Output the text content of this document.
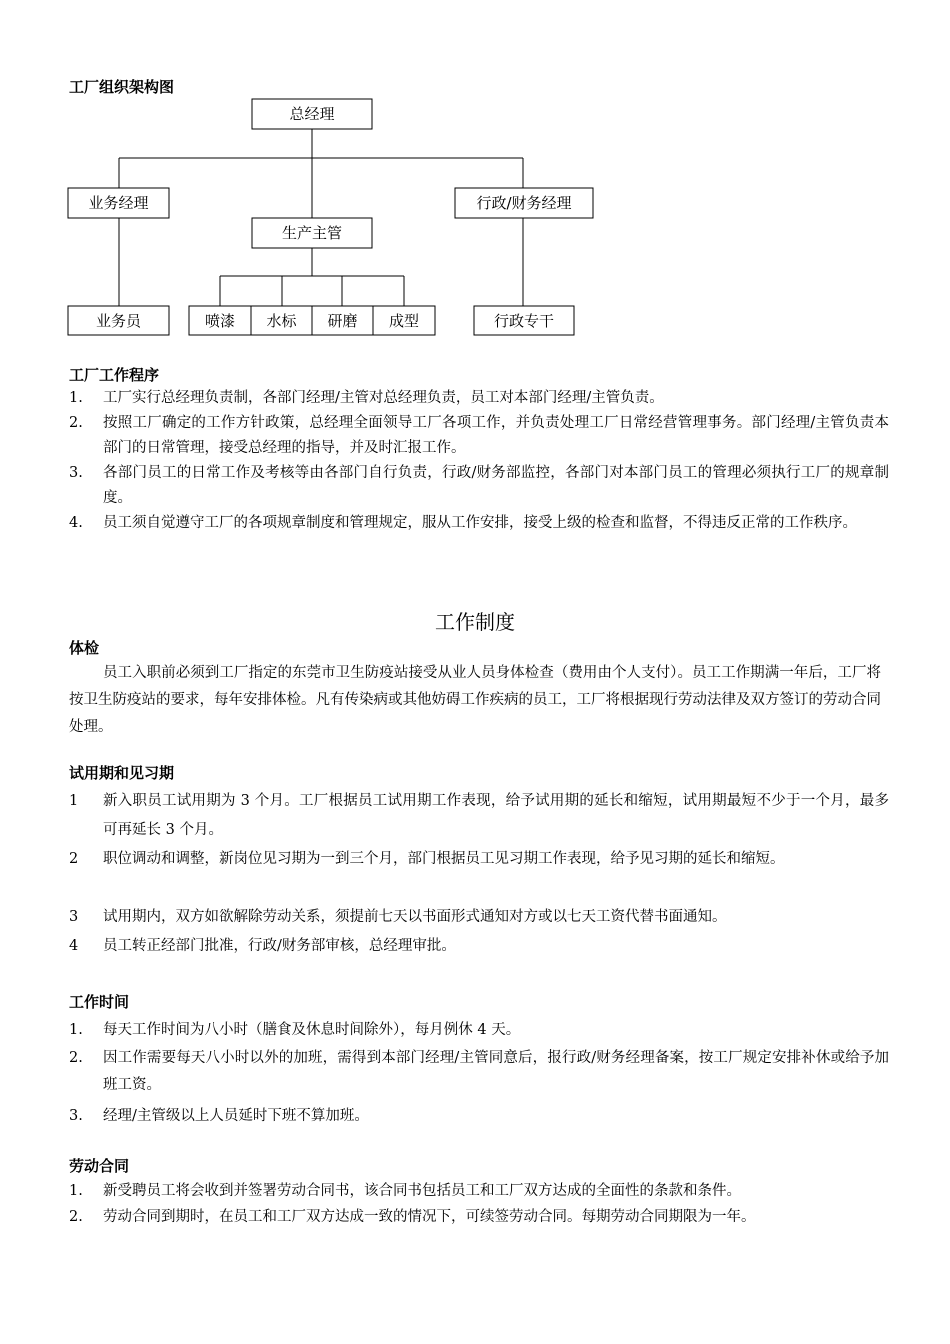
工厂组织架构图
总经理
业务经理
生产主管
行政/财务经理
业务员	喷漆 水标 研磨 成型	行政专干
工厂工作程序
1. 工厂实行总经理负责制，各部门经理/主管对总经理负责，员工对本部门经理/主管负责。
2. 按照工厂确定的工作方针政策，总经理全面领导工厂各项工作，并负责处理工厂日常经营管理事务。部门经理/主管负责本部门的日常管理，接受总经理的指导，并及时汇报工作。
3. 各部门员工的日常工作及考核等由各部门自行负责，行政/财务部监控，各部门对本部门员工的管理必须执行工厂的规章制度。
4. 员工须自觉遵守工厂的各项规章制度和管理规定，服从工作安排，接受上级的检查和监督，不得违反正常的工作秩序。
工作制度
体检
员工入职前必须到工厂指定的东莞市卫生防疫站接受从业人员身体检查（费用由个人支付）。员工工作期满一年后，工厂将按卫生防疫站的要求，每年安排体检。凡有传染病或其他妨碍工作疾病的员工，工厂将根据现行劳动法律及双方签订的劳动合同处理。
试用期和见习期
1 新入职员工试用期为 3 个月。工厂根据员工试用期工作表现，给予试用期的延长和缩短，试用期最短不少于一个月，最多可再延长 3 个月。
2 职位调动和调整，新岗位见习期为一到三个月，部门根据员工见习期工作表现，给予见习期的延长和缩短。
3 试用期内，双方如欲解除劳动关系，须提前七天以书面形式通知对方或以七天工资代替书面通知。
4 员工转正经部门批准，行政/财务部审核，总经理审批。
工作时间
1. 每天工作时间为八小时（膳食及休息时间除外），每月例休 4 天。
2. 因工作需要每天八小时以外的加班，需得到本部门经理/主管同意后，报行政/财务经理备案，按工厂规定安排补休或给予加班工资。
3. 经理/主管级以上人员延时下班不算加班。
劳动合同
1. 新受聘员工将会收到并签署劳动合同书，该合同书包括员工和工厂双方达成的全面性的条款和条件。
2. 劳动合同到期时，在员工和工厂双方达成一致的情况下，可续签劳动合同。每期劳动合同期限为一年。
